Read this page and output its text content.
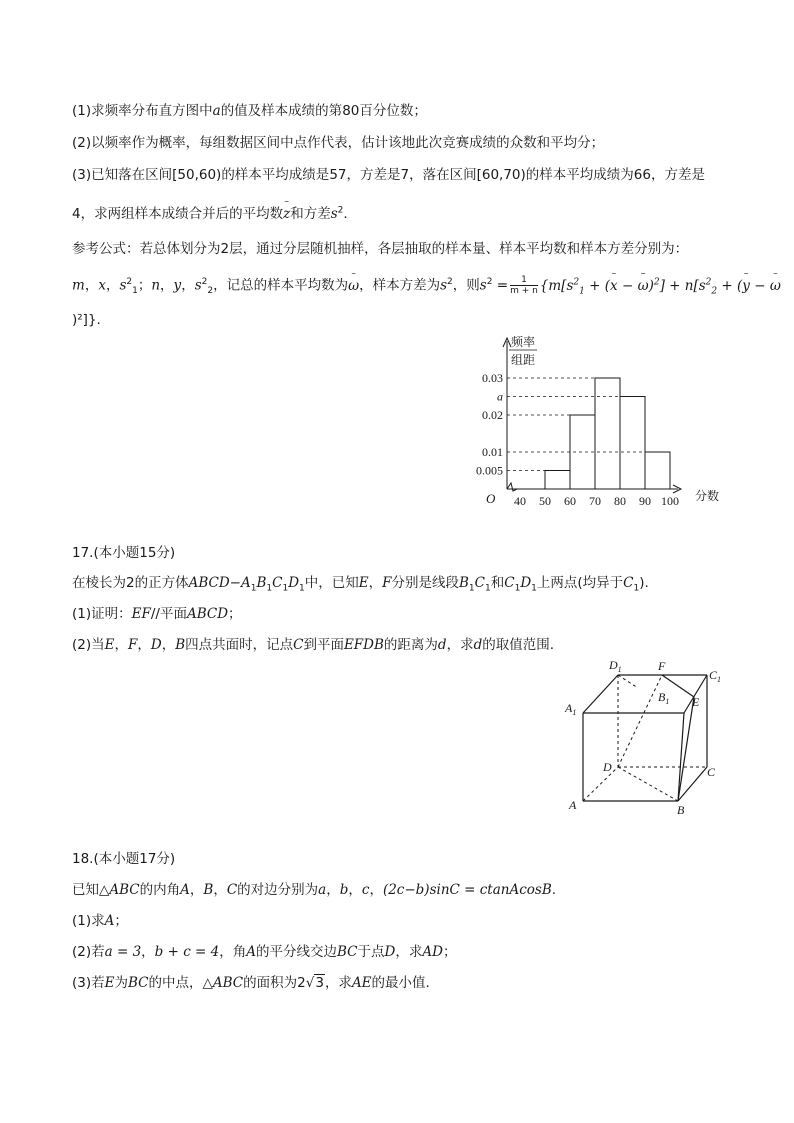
(1)求频率分布直方图中a的值及样本成绩的第80百分位数；
(2)以频率作为概率，每组数据区间中点作代表，估计该地此次竞赛成绩的众数和平均分；
(3)已知落在区间[50,60)的样本平均成绩是57，方差是7，落在区间[60,70)的样本平均成绩为66，方差是
4，求两组样本成绩合并后的平均数– z和方差$s^2$.
参考公式：若总体划分为2层，通过分层随机抽样，各层抽取的样本量、样本平均数和样本方差分别为：
m，x，$s^2_1$；n，y，$s^2_2$，记总的样本平均数为– ω，样本方差为$s^2$，则$s^2 = \frac{1}{m + n} \{m[s^2_1$ + (– x − – $\omega)^2] + n[s^2_2$ + (– y − – ω
)²]}.
频率
组距
分数
O
0.03
a
0.02
0.01
0.005
40 50 60 70 80 90 100
17.(本小题15分)
在棱长为2的正方体$ABCD-A_1B_1C_1D_1$中，已知E，F分别是线段$B_1C_1$和$C_1D_1$上两点(均异于$C_1$).
(1)证明：EF//平面ABCD；
(2)当E，F，D，B四点共面时，记点C到平面EFDB的距离为d，求d的取值范围.
$D_1$	F
$C_1$
$B_1$ E
$A_1$
D	C
A	B
18.(本小题17分)
已知△ABC的内角A，B，C的对边分别为a，b，c，(2c−b)sinC = ctanAcosB.
(1)求A；
(2)若a = 3，b + c = 4，角A的平分线交边BC于点D，求AD；
(3)若E为BC的中点，△ABC的面积为2√3，求AE的最小值.
